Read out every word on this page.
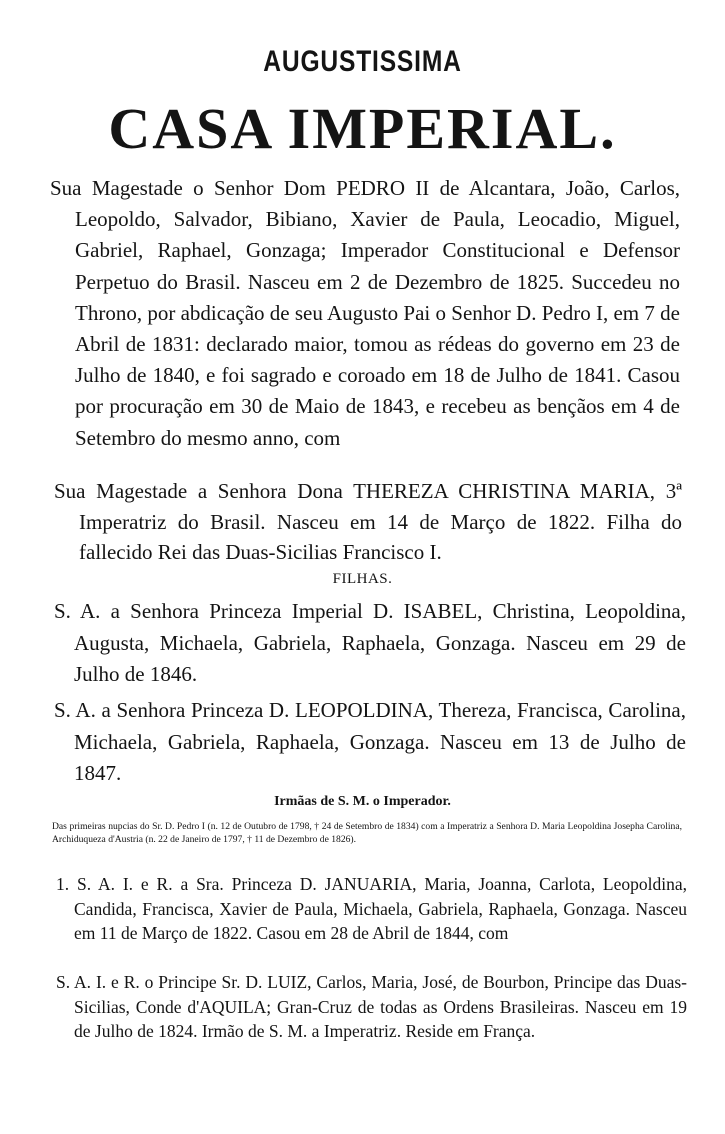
AUGUSTISSIMA
CASA IMPERIAL.

Sua Magestade o Senhor Dom PEDRO II de Alcantara, João, Carlos, Leopoldo, Salvador, Bibiano, Xavier de Paula, Leocadio, Miguel, Gabriel, Raphael, Gonzaga; Imperador Constitucional e Defensor Perpetuo do Brasil. Nasceu em 2 de Dezembro de 1825. Succedeu no Throno, por abdicação de seu Augusto Pai o Senhor D. Pedro I, em 7 de Abril de 1831: declarado maior, tomou as rédeas do governo em 23 de Julho de 1840, e foi sagrado e coroado em 18 de Julho de 1841. Casou por procuração em 30 de Maio de 1843, e recebeu as bençãos em 4 de Setembro do mesmo anno, com

Sua Magestade a Senhora Dona THEREZA CHRISTINA MARIA, 3ª Imperatriz do Brasil. Nasceu em 14 de Março de 1822. Filha do fallecido Rei das Duas-Sicilias Francisco I.

FILHAS.

S. A. a Senhora Princeza Imperial D. ISABEL, Christina, Leopoldina, Augusta, Michaela, Gabriela, Raphaela, Gonzaga. Nasceu em 29 de Julho de 1846.

S. A. a Senhora Princeza D. LEOPOLDINA, Thereza, Francisca, Carolina, Michaela, Gabriela, Raphaela, Gonzaga. Nasceu em 13 de Julho de 1847.

Irmãas de S. M. o Imperador.

Das primeiras nupcias do Sr. D. Pedro I (n. 12 de Outubro de 1798, † 24 de Setembro de 1834) com a Imperatriz a Senhora D. Maria Leopoldina Josepha Carolina, Archiduqueza d'Austria (n. 22 de Janeiro de 1797, † 11 de Dezembro de 1826).

1. S. A. I. e R. a Sra. Princeza D. JANUARIA, Maria, Joanna, Carlota, Leopoldina, Candida, Francisca, Xavier de Paula, Michaela, Gabriela, Raphaela, Gonzaga. Nasceu em 11 de Março de 1822. Casou em 28 de Abril de 1844, com

S. A. I. e R. o Principe Sr. D. LUIZ, Carlos, Maria, José, de Bourbon, Principe das Duas-Sicilias, Conde d'AQUILA; Gran-Cruz de todas as Ordens Brasileiras. Nasceu em 19 de Julho de 1824. Irmão de S. M. a Imperatriz. Reside em França.
